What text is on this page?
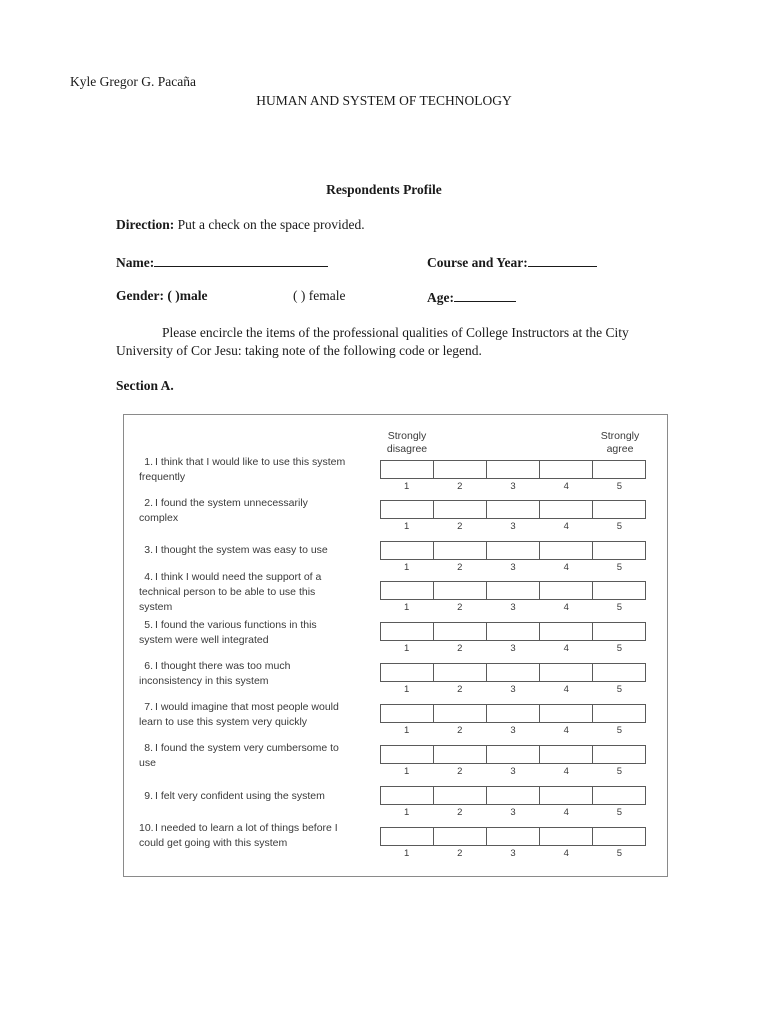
Kyle Gregor G. Pacaña
HUMAN AND SYSTEM OF TECHNOLOGY
Respondents Profile
Direction: Put a check on the space provided.
Name:	Course and Year:
Gender: ( )male	( ) female	Age:
Please encircle the items of the professional qualities of College Instructors at the City University of Cor Jesu: taking note of the following code or legend.
Section A.
Strongly disagree
Strongly agree
1. I think that I would like to use this system frequently
1	2	3	4	5
2. I found the system unnecessarily complex
1	2	3	4	5
3. I thought the system was easy to use
1	2	3	4	5
4. I think I would need the support of a technical person to be able to use this system	1	2	3	4	5
5. I found the various functions in this system were well integrated
1	2	3	4	5
6. I thought there was too much inconsistency in this system
1	2	3	4	5
7. I would imagine that most people would learn to use this system very quickly
1	2	3	4	5
8. I found the system very cumbersome to use
1	2	3	4	5
9. I felt very confident using the system
1	2	3	4	5
10.I needed to learn a lot of things before I could get going with this system
1	2	3	4	5
